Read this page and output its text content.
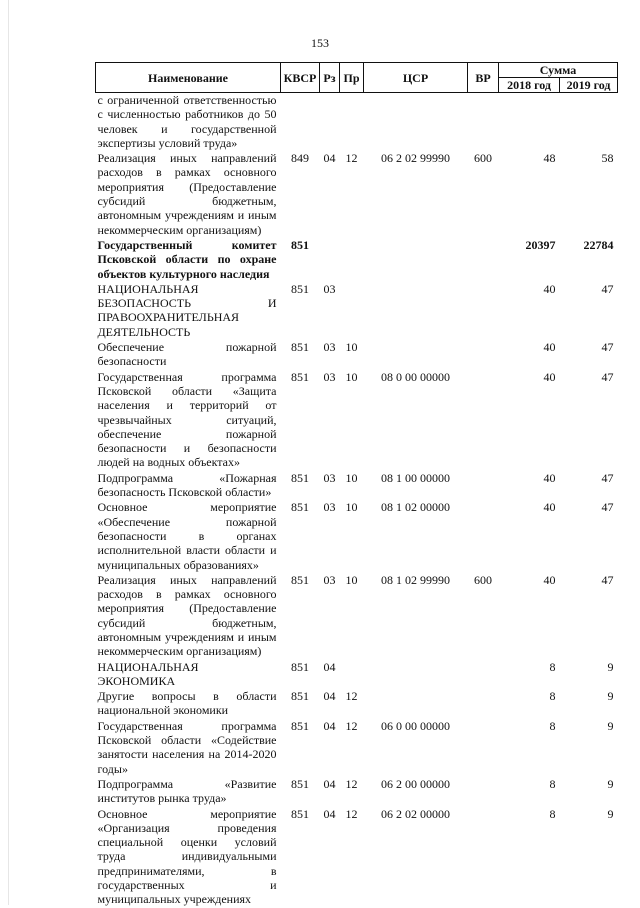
153
Наименование	КВСР	Рз	Пр	ЦСР	ВР	Сумма	
						2018 год	2019 год
с ограниченной ответственностью с численностью работников до 50 человек и государственной экспертизы условий труда»							
Реализация иных направлений расходов в рамках основного мероприятия (Предоставление субсидий бюджетным, автономным учреждениям и иным некоммерческим организациям)	849	04	12	06 2 02 99990	600	48	58
Государственный комитет Псковской области по охране объектов культурного наследия	851					20397	22784
НАЦИОНАЛЬНАЯ БЕЗОПАСНОСТЬ И ПРАВООХРАНИТЕЛЬНАЯ ДЕЯТЕЛЬНОСТЬ	851	03				40	47
Обеспечение пожарной безопасности	851	03	10			40	47
Государственная программа Псковской области «Защита населения и территорий от чрезвычайных ситуаций, обеспечение пожарной безопасности и безопасности людей на водных объектах»	851	03	10	08 0 00 00000		40	47
Подпрограмма «Пожарная безопасность Псковской области»	851	03	10	08 1 00 00000		40	47
Основное мероприятие «Обеспечение пожарной безопасности в органах исполнительной власти области и муниципальных образованиях»	851	03	10	08 1 02 00000		40	47
Реализация иных направлений расходов в рамках основного мероприятия (Предоставление субсидий бюджетным, автономным учреждениям и иным некоммерческим организациям)	851	03	10	08 1 02 99990	600	40	47
НАЦИОНАЛЬНАЯ ЭКОНОМИКА	851	04				8	9
Другие вопросы в области национальной экономики	851	04	12			8	9
Государственная программа Псковской области «Содействие занятости населения на 2014-2020 годы»	851	04	12	06 0 00 00000		8	9
Подпрограмма «Развитие институтов рынка труда»	851	04	12	06 2 00 00000		8	9
Основное мероприятие «Организация проведения специальной оценки условий труда индивидуальными предпринимателями, в государственных и муниципальных учреждениях	851	04	12	06 2 02 00000		8	9
